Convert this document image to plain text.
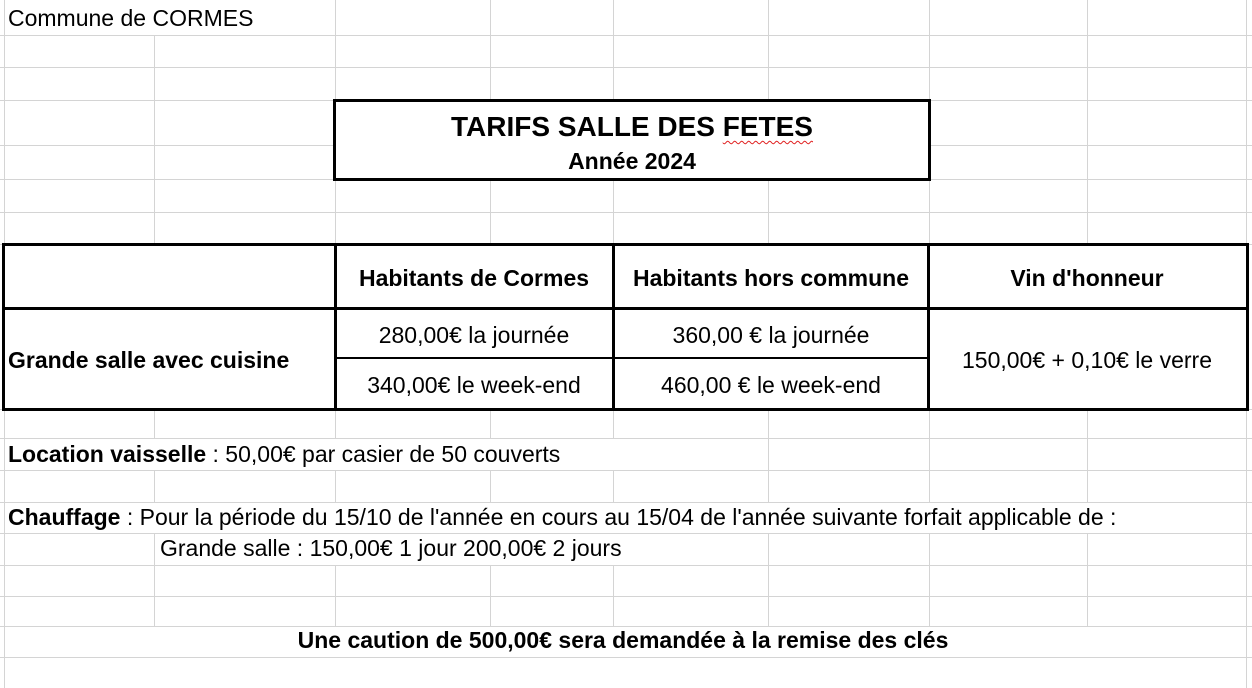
Commune de CORMES
TARIFS SALLE DES FETES
Année 2024
Habitants de Cormes Habitants hors commune	Vin d'honneur
Grande salle avec cuisine
280,00€ la journée
340,00€ le week-end
360,00 € la journée
460,00 € le week-end
150,00€ + 0,10€ le verre
Location vaisselle : 50,00€ par casier de 50 couverts
Chauffage : Pour la période du 15/10 de l'année en cours au 15/04 de l'année suivante forfait applicable de :
Grande salle : 150,00€ 1 jour 200,00€ 2 jours
Une caution de 500,00€ sera demandée à la remise des clés
